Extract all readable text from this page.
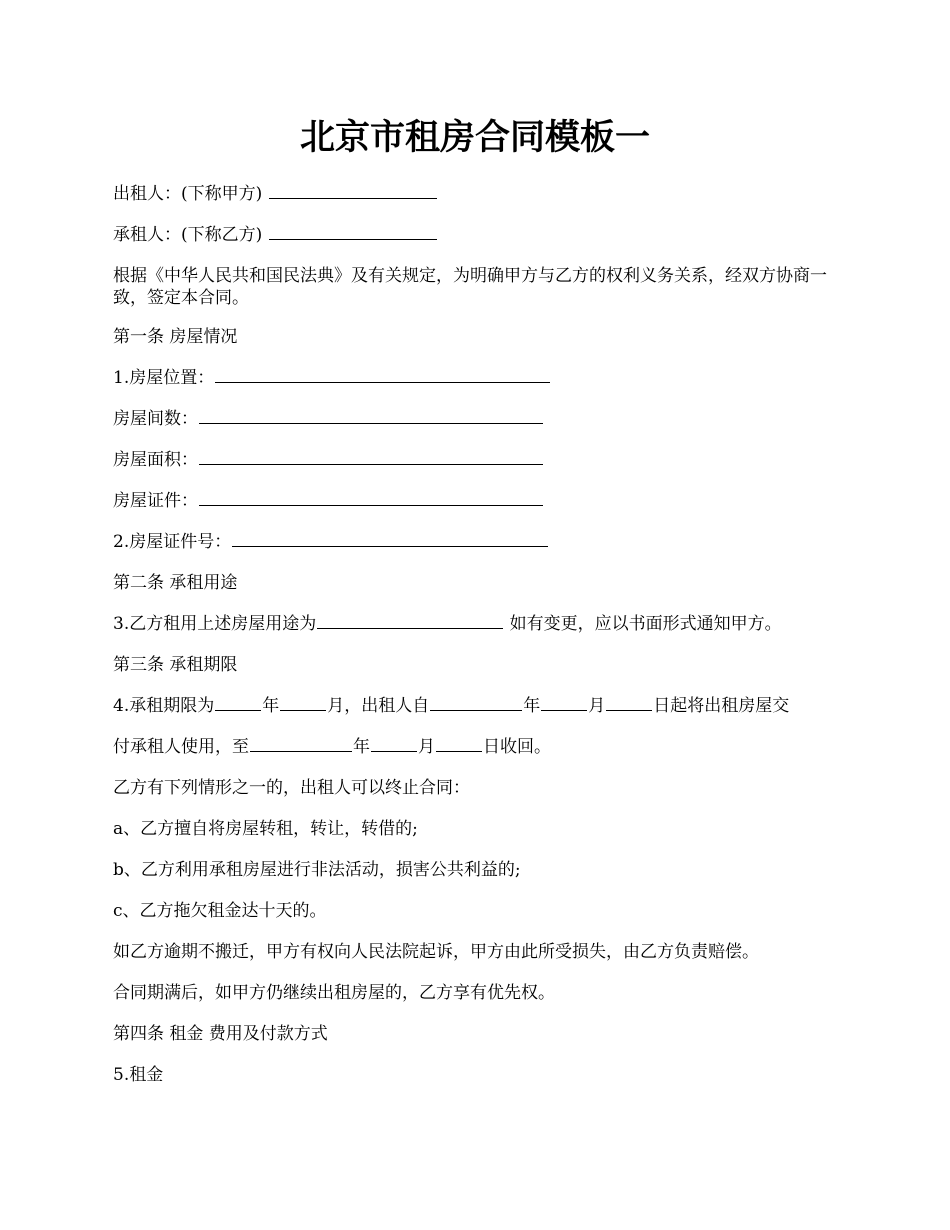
北京市租房合同模板一
出租人：(下称甲方)
承租人：(下称乙方)
根据《中华人民共和国民法典》及有关规定，为明确甲方与乙方的权利义务关系，经双方协商一致，签定本合同。
第一条 房屋情况
1.房屋位置：
房屋间数：
房屋面积：
房屋证件：
2.房屋证件号：
第二条 承租用途
3.乙方租用上述房屋用途为	如有变更，应以书面形式通知甲方。
第三条 承租期限
4.承租期限为	年	月，出租人自	年	月	日起将出租房屋交
付承租人使用，至	年	月	日收回。
乙方有下列情形之一的，出租人可以终止合同：
a、乙方擅自将房屋转租，转让，转借的;
b、乙方利用承租房屋进行非法活动，损害公共利益的;
c、乙方拖欠租金达十天的。
如乙方逾期不搬迁，甲方有权向人民法院起诉，甲方由此所受损失，由乙方负责赔偿。
合同期满后，如甲方仍继续出租房屋的，乙方享有优先权。
第四条 租金 费用及付款方式
5.租金
